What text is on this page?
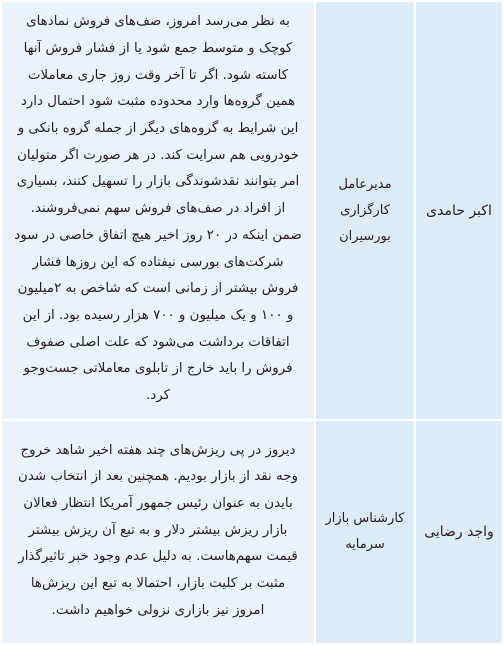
اکبر حامدی	مدیرعامل کارگزاری بورسیران	به نظر می‌رسد امروز، صف‌های فروش نمادهای کوچک و متوسط جمع شود یا از فشار فروش آنها کاسته شود. اگر تا آخر وقت روز جاری معاملات همین گروه‌ها وارد محدوده مثبت شود احتمال دارد این شرایط به گروه‌های دیگر از جمله گروه بانکی و خودرویی هم سرایت کند. در هر صورت اگر متولیان امر بتوانند نقدشوندگی بازار را تسهیل کنند، بسیاری از افراد در صف‌های فروش سهم نمی‌فروشند. ضمن اینکه در ۲۰ روز اخیر هیچ اتفاق خاصی در سود شرکت‌های بورسی نیفتاده که این روزها فشار فروش بیشتر از زمانی است که شاخص به ۲میلیون و ۱۰۰ و یک میلیون و ۷۰۰ هزار رسیده بود. از این اتفاقات برداشت می‌شود که علت اصلی صفوف فروش را باید خارج از تابلوی معاملاتی جست‌وجو کرد.
واجد رضایی	کارشناس بازار سرمایه	دیروز در پی ریزش‌های چند هفته اخیر شاهد خروج وجه نقد از بازار بودیم. همچنین بعد از انتخاب شدن بایدن به عنوان رئیس جمهور آمریکا انتظار فعالان بازار ریزش بیشتر دلار و به تبع آن ریزش بیشتر قیمت سهم‌هاست. به دلیل عدم وجود خبر تاثیرگذار مثبت بر کلیت بازار، احتمالا به تبع این ریزش‌ها امروز نیز بازاری نزولی خواهیم داشت.
